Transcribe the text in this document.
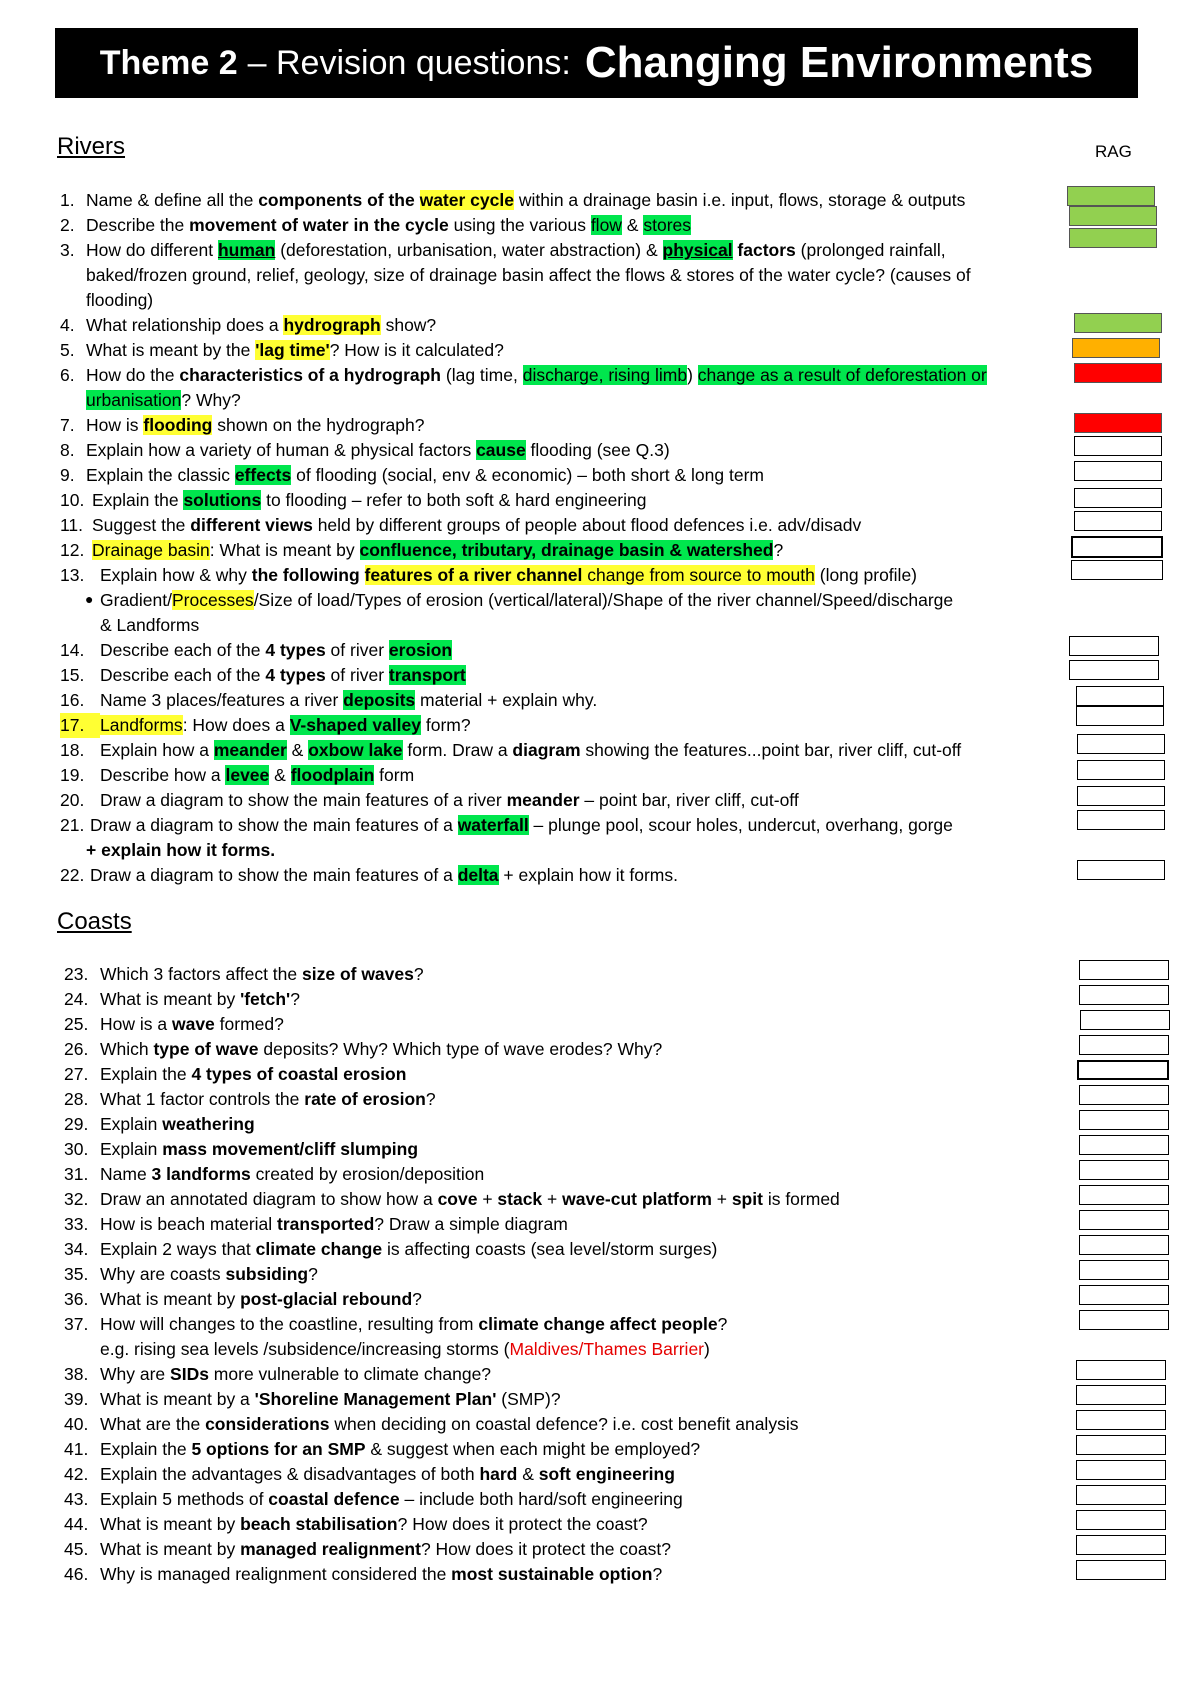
Theme 2 – Revision questions: Changing Environments
Rivers	RAG
1. Name & define all the components of the water cycle within a drainage basin i.e. input, flows, storage & outputs
2. Describe the movement of water in the cycle using the various flow & stores
3. How do different human (deforestation, urbanisation, water abstraction) & physical factors (prolonged rainfall,
baked/frozen ground, relief, geology, size of drainage basin affect the flows & stores of the water cycle? (causes of
flooding)
4. What relationship does a hydrograph show?
5. What is meant by the 'lag time'? How is it calculated?
6. How do the characteristics of a hydrograph (lag time, discharge, rising limb) change as a result of deforestation or
urbanisation? Why?
7. How is flooding shown on the hydrograph?
8. Explain how a variety of human & physical factors cause flooding (see Q.3)
9. Explain the classic effects of flooding (social, env & economic) – both short & long term
10. Explain the solutions to flooding – refer to both soft & hard engineering
11. Suggest the different views held by different groups of people about flood defences i.e. adv/disadv
12. Drainage basin: What is meant by confluence, tributary, drainage basin & watershed?
13. Explain how & why the following features of a river channel change from source to mouth (long profile)
● Gradient/Processes/Size of load/Types of erosion (vertical/lateral)/Shape of the river channel/Speed/discharge
& Landforms
14. Describe each of the 4 types of river erosion
15. Describe each of the 4 types of river transport
16. Name 3 places/features a river deposits material + explain why.
17. Landforms: How does a V-shaped valley form?
18. Explain how a meander & oxbow lake form. Draw a diagram showing the features...point bar, river cliff, cut-off
19. Describe how a levee & floodplain form
20. Draw a diagram to show the main features of a river meander – point bar, river cliff, cut-off
21. Draw a diagram to show the main features of a waterfall – plunge pool, scour holes, undercut, overhang, gorge
+ explain how it forms.
22. Draw a diagram to show the main features of a delta + explain how it forms.
Coasts
23. Which 3 factors affect the size of waves?
24. What is meant by 'fetch'?
25. How is a wave formed?
26. Which type of wave deposits? Why? Which type of wave erodes? Why?
27. Explain the 4 types of coastal erosion
28. What 1 factor controls the rate of erosion?
29. Explain weathering
30. Explain mass movement/cliff slumping
31. Name 3 landforms created by erosion/deposition
32. Draw an annotated diagram to show how a cove + stack + wave-cut platform + spit is formed
33. How is beach material transported? Draw a simple diagram
34. Explain 2 ways that climate change is affecting coasts (sea level/storm surges)
35. Why are coasts subsiding?
36. What is meant by post-glacial rebound?
37. How will changes to the coastline, resulting from climate change affect people?
e.g. rising sea levels /subsidence/increasing storms (Maldives/Thames Barrier)
38. Why are SIDs more vulnerable to climate change?
39. What is meant by a 'Shoreline Management Plan' (SMP)?
40. What are the considerations when deciding on coastal defence? i.e. cost benefit analysis
41. Explain the 5 options for an SMP & suggest when each might be employed?
42. Explain the advantages & disadvantages of both hard & soft engineering
43. Explain 5 methods of coastal defence – include both hard/soft engineering
44. What is meant by beach stabilisation? How does it protect the coast?
45. What is meant by managed realignment? How does it protect the coast?
46. Why is managed realignment considered the most sustainable option?
